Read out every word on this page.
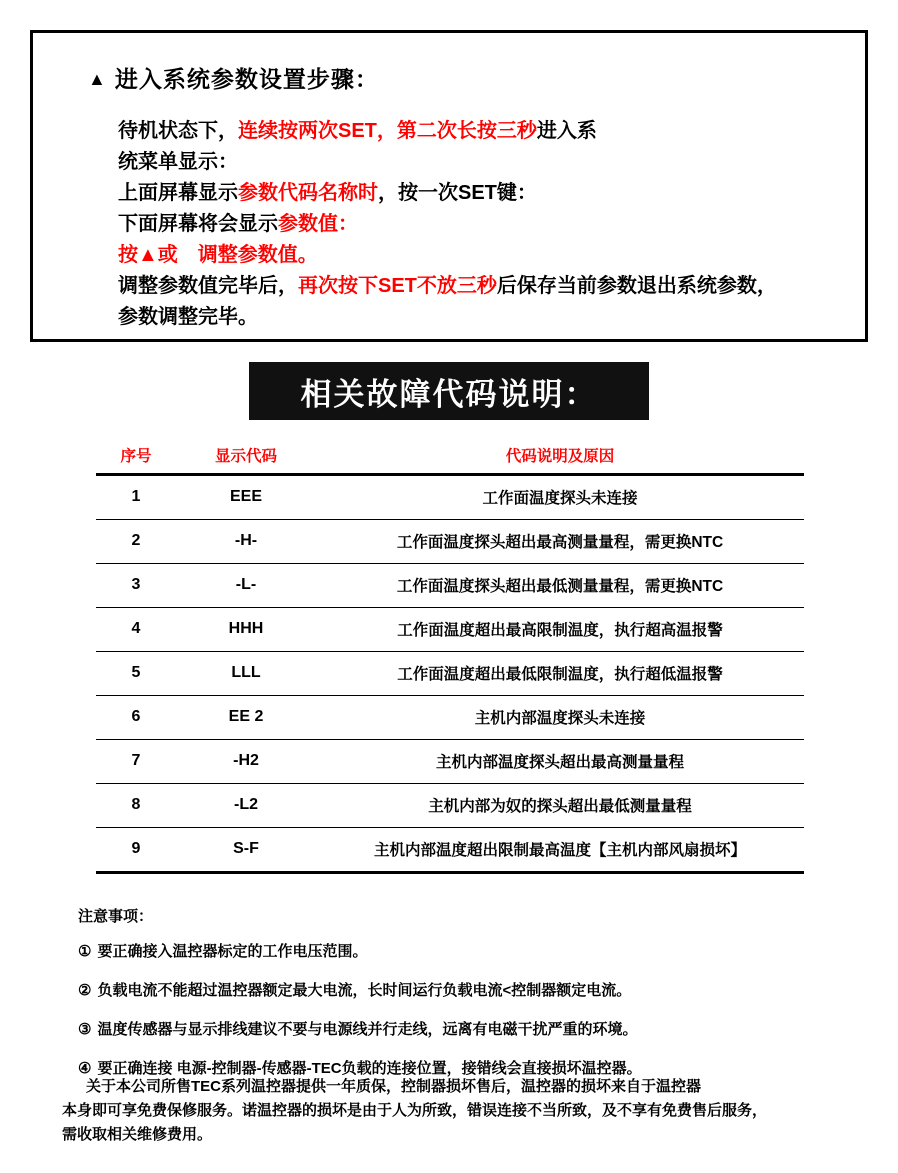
▲ 进入系统参数设置步骤：
待机状态下，连续按两次SET，第二次长按三秒进入系
统菜单显示：
上面屏幕显示参数代码名称时，按一次SET键：
下面屏幕将会显示参数值：
按▲或　调整参数值。
调整参数值完毕后，再次按下SET不放三秒后保存当前参数退出系统参数，
参数调整完毕。
相关故障代码说明：
序号	显示代码	代码说明及原因
1	EEE	工作面温度探头未连接
2	-H-	工作面温度探头超出最高测量量程，需更换NTC
3	-L-	工作面温度探头超出最低测量量程，需更换NTC
4	HHH	工作面温度超出最高限制温度，执行超高温报警
5	LLL	工作面温度超出最低限制温度，执行超低温报警
6	EE 2	主机内部温度探头未连接
7	-H2	主机内部温度探头超出最高测量量程
8	-L2	主机内部为奴的探头超出最低测量量程
9	S-F	主机内部温度超出限制最高温度【主机内部风扇损坏】
注意事项：
① 要正确接入温控器标定的工作电压范围。
② 负载电流不能超过温控器额定最大电流，长时间运行负载电流<控制器额定电流。
③ 温度传感器与显示排线建议不要与电源线并行走线，远离有电磁干扰严重的环境。
④ 要正确连接 电源-控制器-传感器-TEC负载的连接位置，接错线会直接损坏温控器。
关于本公司所售TEC系列温控器提供一年质保，控制器损坏售后，温控器的损坏来自于温控器
本身即可享免费保修服务。诺温控器的损坏是由于人为所致，错误连接不当所致，及不享有免费售后服务，
需收取相关维修费用。
